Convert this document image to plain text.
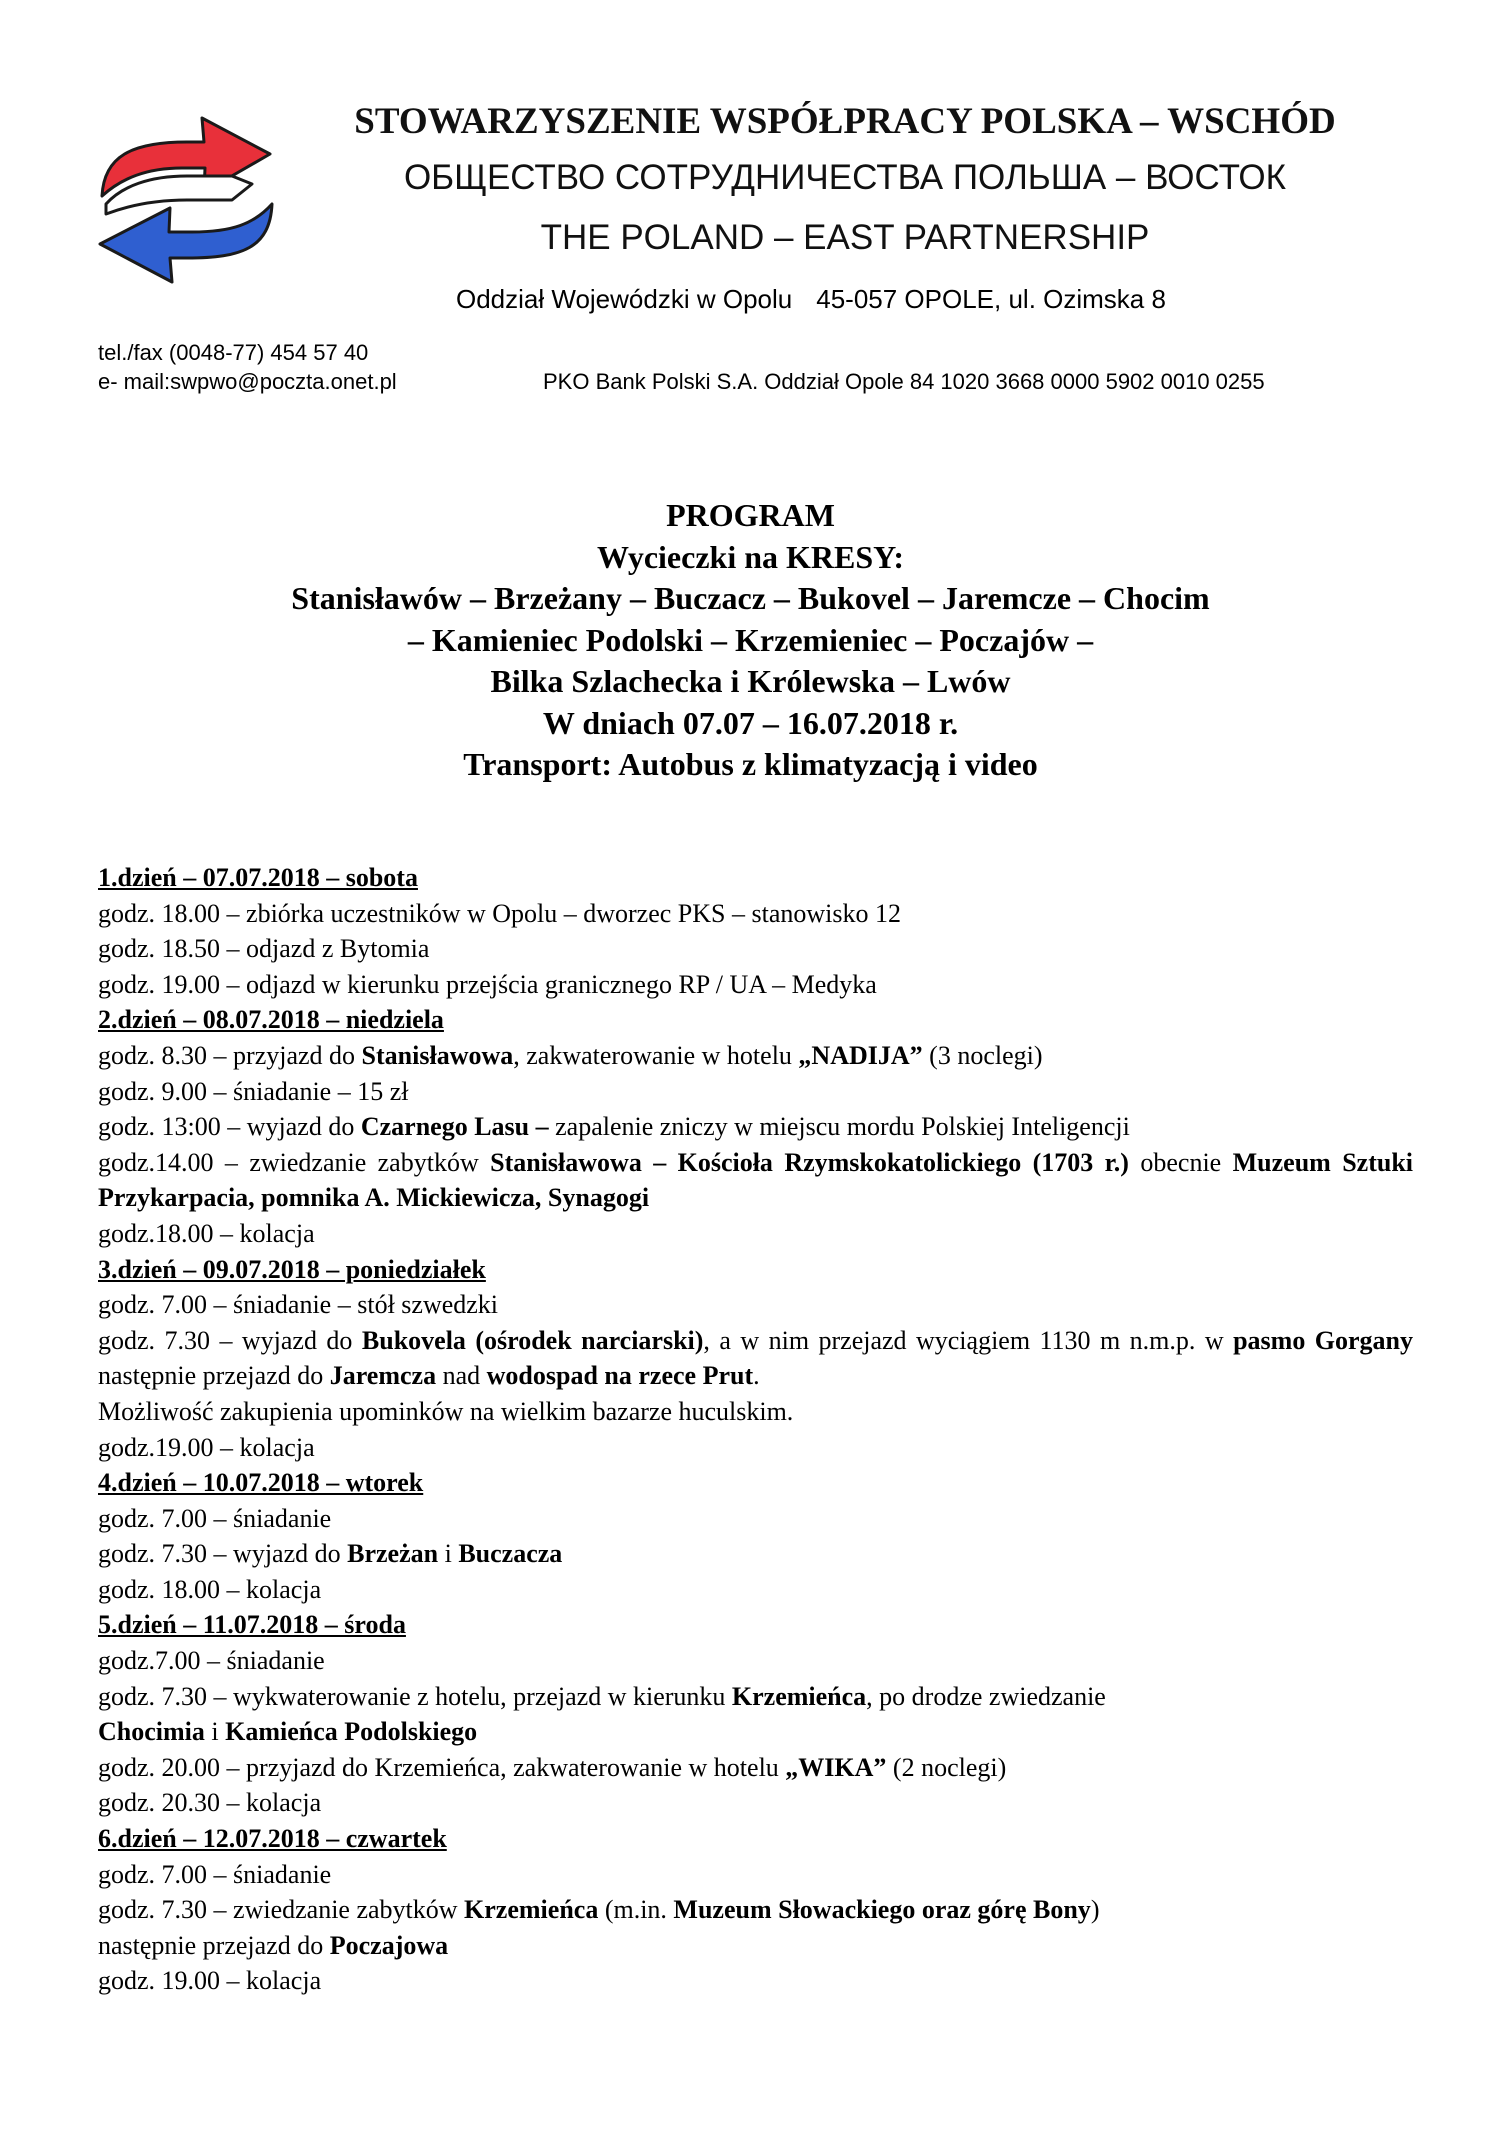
STOWARZYSZENIE WSPÓŁPRACY POLSKA – WSCHÓD
ОБЩЕСТВО СОТРУДНИЧЕСТВА ПОЛЬША – ВОСТОК
THE POLAND – EAST PARTNERSHIP
Oddział Wojewódzki w Opolu 45-057 OPOLE, ul. Ozimska 8
tel./fax (0048-77) 454 57 40
e- mail:swpwo@poczta.onet.pl	PKO Bank Polski S.A. Oddział Opole 84 1020 3668 0000 5902 0010 0255
PROGRAM
Wycieczki na KRESY:
Stanisławów – Brzeżany – Buczacz – Bukovel – Jaremcze – Chocim
– Kamieniec Podolski – Krzemieniec – Poczajów –
Bilka Szlachecka i Królewska – Lwów
W dniach 07.07 – 16.07.2018 r.
Transport: Autobus z klimatyzacją i video
1.dzień – 07.07.2018 – sobota
godz. 18.00 – zbiórka uczestników w Opolu – dworzec PKS – stanowisko 12
godz. 18.50 – odjazd z Bytomia
godz. 19.00 – odjazd w kierunku przejścia granicznego RP / UA – Medyka
2.dzień – 08.07.2018 – niedziela
godz. 8.30 – przyjazd do Stanisławowa, zakwaterowanie w hotelu „NADIJA” (3 noclegi)
godz. 9.00 – śniadanie – 15 zł
godz. 13:00 – wyjazd do Czarnego Lasu – zapalenie zniczy w miejscu mordu Polskiej Inteligencji
godz.14.00 – zwiedzanie zabytków Stanisławowa – Kościoła Rzymskokatolickiego (1703 r.) obecnie Muzeum Sztuki Przykarpacia, pomnika A. Mickiewicza, Synagogi
godz.18.00 – kolacja
3.dzień – 09.07.2018 – poniedziałek
godz. 7.00 – śniadanie – stół szwedzki
godz. 7.30 – wyjazd do Bukovela (ośrodek narciarski), a w nim przejazd wyciągiem 1130 m n.m.p. w pasmo Gorgany następnie przejazd do Jaremcza nad wodospad na rzece Prut.
Możliwość zakupienia upominków na wielkim bazarze huculskim.
godz.19.00 – kolacja
4.dzień – 10.07.2018 – wtorek
godz. 7.00 – śniadanie
godz. 7.30 – wyjazd do Brzeżan i Buczacza
godz. 18.00 – kolacja
5.dzień – 11.07.2018 – środa
godz.7.00 – śniadanie
godz. 7.30 – wykwaterowanie z hotelu, przejazd w kierunku Krzemieńca, po drodze zwiedzanie
Chocimia i Kamieńca Podolskiego
godz. 20.00 – przyjazd do Krzemieńca, zakwaterowanie w hotelu „WIKA” (2 noclegi)
godz. 20.30 – kolacja
6.dzień – 12.07.2018 – czwartek
godz. 7.00 – śniadanie
godz. 7.30 – zwiedzanie zabytków Krzemieńca (m.in. Muzeum Słowackiego oraz górę Bony)
następnie przejazd do Poczajowa
godz. 19.00 – kolacja
